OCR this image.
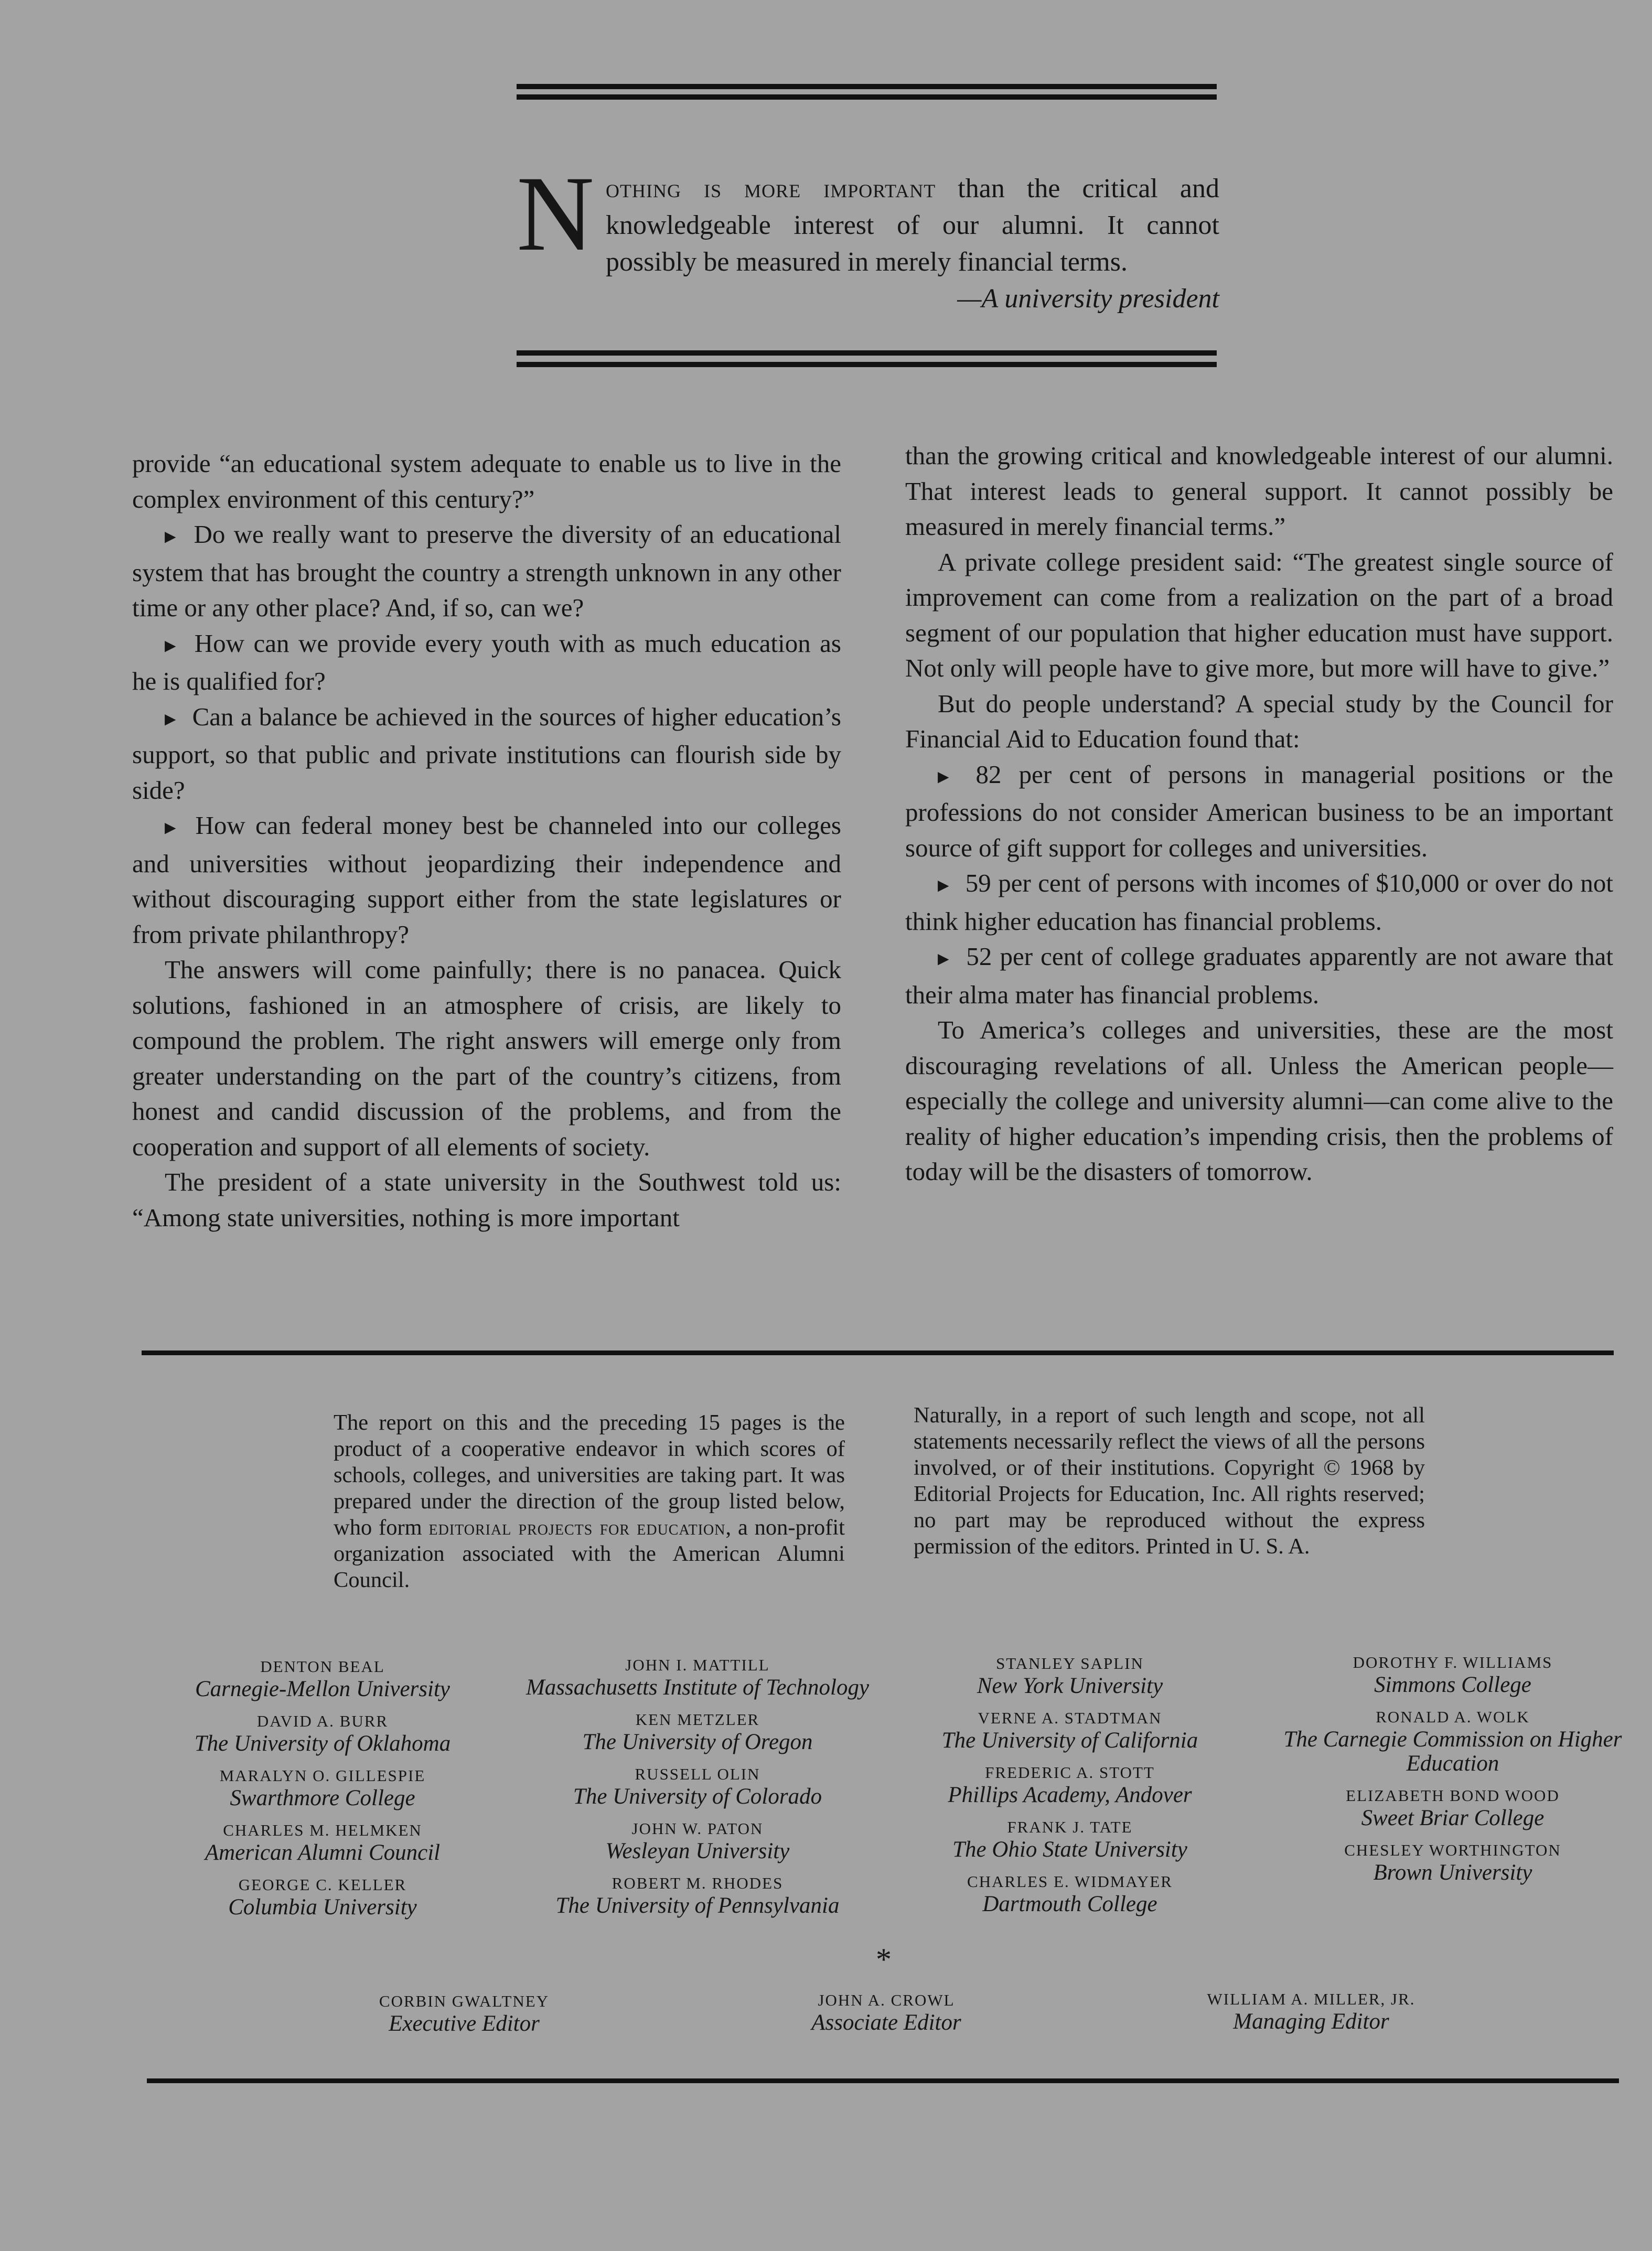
Nothing is more important than the critical and knowledgeable interest of our alumni. It cannot possibly be measured in merely financial terms.
—A university president

provide “an educational system adequate to enable us to live in the complex environment of this century?”

▶ Do we really want to preserve the diversity of an educational system that has brought the country a strength unknown in any other time or any other place? And, if so, can we?

▶ How can we provide every youth with as much education as he is qualified for?

▶ Can a balance be achieved in the sources of higher education’s support, so that public and private institutions can flourish side by side?

▶ How can federal money best be channeled into our colleges and universities without jeopardizing their independence and without discouraging support either from the state legislatures or from private philanthropy?

The answers will come painfully; there is no panacea. Quick solutions, fashioned in an atmosphere of crisis, are likely to compound the problem. The right answers will emerge only from greater understanding on the part of the country’s citizens, from honest and candid discussion of the problems, and from the cooperation and support of all elements of society.

The president of a state university in the Southwest told us: “Among state universities, nothing is more important

than the growing critical and knowledgeable interest of our alumni. That interest leads to general support. It cannot possibly be measured in merely financial terms.”

A private college president said: “The greatest single source of improvement can come from a realization on the part of a broad segment of our population that higher education must have support. Not only will people have to give more, but more will have to give.”

But do people understand? A special study by the Council for Financial Aid to Education found that:

▶ 82 per cent of persons in managerial positions or the professions do not consider American business to be an important source of gift support for colleges and universities.

▶ 59 per cent of persons with incomes of $10,000 or over do not think higher education has financial problems.

▶ 52 per cent of college graduates apparently are not aware that their alma mater has financial problems.

To America’s colleges and universities, these are the most discouraging revelations of all. Unless the American people—especially the college and university alumni—can come alive to the reality of higher education’s impending crisis, then the problems of today will be the disasters of tomorrow.

The report on this and the preceding 15 pages is the product of a cooperative endeavor in which scores of schools, colleges, and universities are taking part. It was prepared under the direction of the group listed below, who form editorial projects for education, a non-profit organization associated with the American Alumni Council.
Naturally, in a report of such length and scope, not all statements necessarily reflect the views of all the persons involved, or of their institutions. Copyright © 1968 by Editorial Projects for Education, Inc. All rights reserved; no part may be reproduced without the express permission of the editors. Printed in U. S. A.
DENTON BEAL
Carnegie-Mellon University
DAVID A. BURR
The University of Oklahoma
MARALYN O. GILLESPIE
Swarthmore College
CHARLES M. HELMKEN
American Alumni Council
GEORGE C. KELLER
Columbia University
JOHN I. MATTILL
Massachusetts Institute of Technology
KEN METZLER
The University of Oregon
RUSSELL OLIN
The University of Colorado
JOHN W. PATON
Wesleyan University
ROBERT M. RHODES
The University of Pennsylvania
STANLEY SAPLIN
New York University
VERNE A. STADTMAN
The University of California
FREDERIC A. STOTT
Phillips Academy, Andover
FRANK J. TATE
The Ohio State University
CHARLES E. WIDMAYER
Dartmouth College
DOROTHY F. WILLIAMS
Simmons College
RONALD A. WOLK
The Carnegie Commission on Higher Education
ELIZABETH BOND WOOD
Sweet Briar College
CHESLEY WORTHINGTON
Brown University
*
CORBIN GWALTNEY
Executive Editor
JOHN A. CROWL
Associate Editor
WILLIAM A. MILLER, JR.
Managing Editor
